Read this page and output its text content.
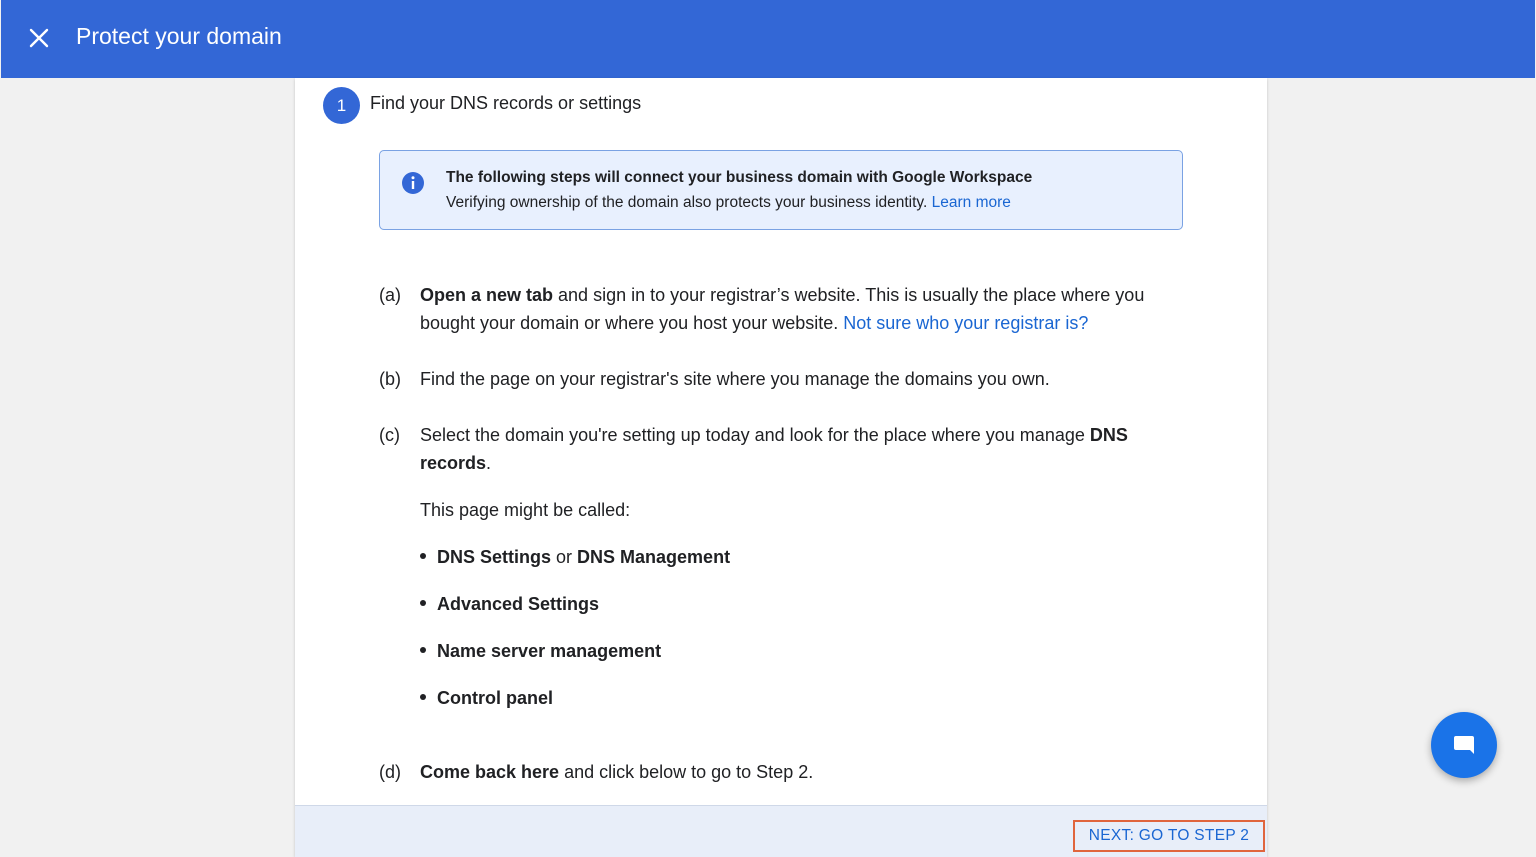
Protect your domain
1	Find your DNS records or settings
The following steps will connect your business domain with Google Workspace
Verifying ownership of the domain also protects your business identity. Learn more
(a) Open a new tab and sign in to your registrar’s website. This is usually the place where you bought your domain or where you host your website. Not sure who your registrar is?
(b) Find the page on your registrar's site where you manage the domains you own.
(c) Select the domain you're setting up today and look for the place where you manage DNS records.
This page might be called:
DNS Settings or DNS Management
Advanced Settings
Name server management
Control panel
(d) Come back here and click below to go to Step 2.
NEXT: GO TO STEP 2
